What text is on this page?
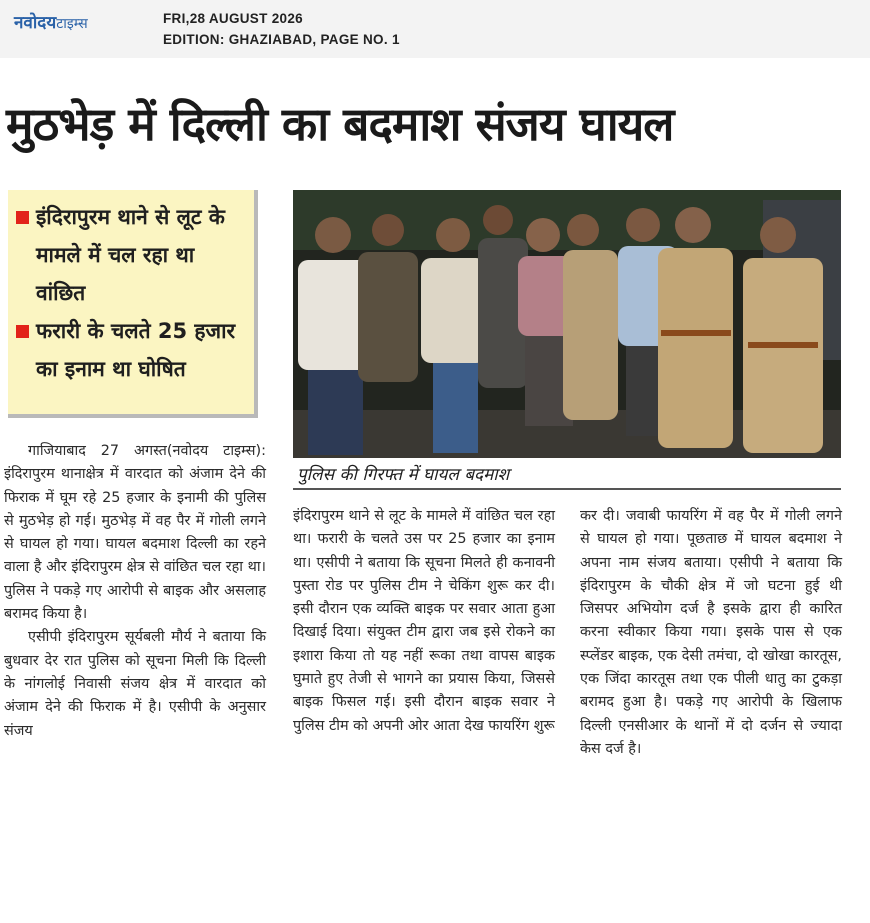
नवोदयटाइम्स	FRI,28 AUGUST 2026
EDITION: GHAZIABAD, PAGE NO. 1
मुठभेड़ में दिल्ली का बदमाश संजय घायल
इंदिरापुरम थाने से लूट के मामले में चल रहा था वांछित
फरारी के चलते 25 हजार का इनाम था घोषित
पुलिस की गिरफ्त में घायल बदमाश

गाजियाबाद 27 अगस्त(नवोदय टाइम्स): इंदिरापुरम थानाक्षेत्र में वारदात को अंजाम देने की फिराक में घूम रहे 25 हजार के इनामी की पुलिस से मुठभेड़ हो गई। मुठभेड़ में वह पैर में गोली लगने से घायल हो गया। घायल बदमाश दिल्ली का रहने वाला है और इंदिरापुरम क्षेत्र से वांछित चल रहा था। पुलिस ने पकड़े गए आरोपी से बाइक और असलाह बरामद किया है।

एसीपी इंदिरापुरम सूर्यबली मौर्य ने बताया कि बुधवार देर रात पुलिस को सूचना मिली कि दिल्ली के नांगलोई निवासी संजय क्षेत्र में वारदात को अंजाम देने की फिराक में है। एसीपी के अनुसार संजय

इंदिरापुरम थाने से लूट के मामले में वांछित चल रहा था। फरारी के चलते उस पर 25 हजार का इनाम था। एसीपी ने बताया कि सूचना मिलते ही कनावनी पुस्ता रोड पर पुलिस टीम ने चेकिंग शुरू कर दी। इसी दौरान एक व्यक्ति बाइक पर सवार आता हुआ दिखाई दिया। संयुक्त टीम द्वारा जब इसे रोकने का इशारा किया तो यह नहीं रूका तथा वापस बाइक घुमाते हुए तेजी से भागने का प्रयास किया, जिससे बाइक फिसल गई। इसी दौरान बाइक सवार ने पुलिस टीम को अपनी ओर आता देख फायरिंग शुरू

कर दी। जवाबी फायरिंग में वह पैर में गोली लगने से घायल हो गया। पूछताछ में घायल बदमाश ने अपना नाम संजय बताया। एसीपी ने बताया कि इंदिरापुरम के चौकी क्षेत्र में जो घटना हुई थी जिसपर अभियोग दर्ज है इसके द्वारा ही कारित करना स्वीकार किया गया। इसके पास से एक स्प्लेंडर बाइक, एक देसी तमंचा, दो खोखा कारतूस, एक जिंदा कारतूस तथा एक पीली धातु का टुकड़ा बरामद हुआ है। पकड़े गए आरोपी के खिलाफ दिल्ली एनसीआर के थानों में दो दर्जन से ज्यादा केस दर्ज है।
